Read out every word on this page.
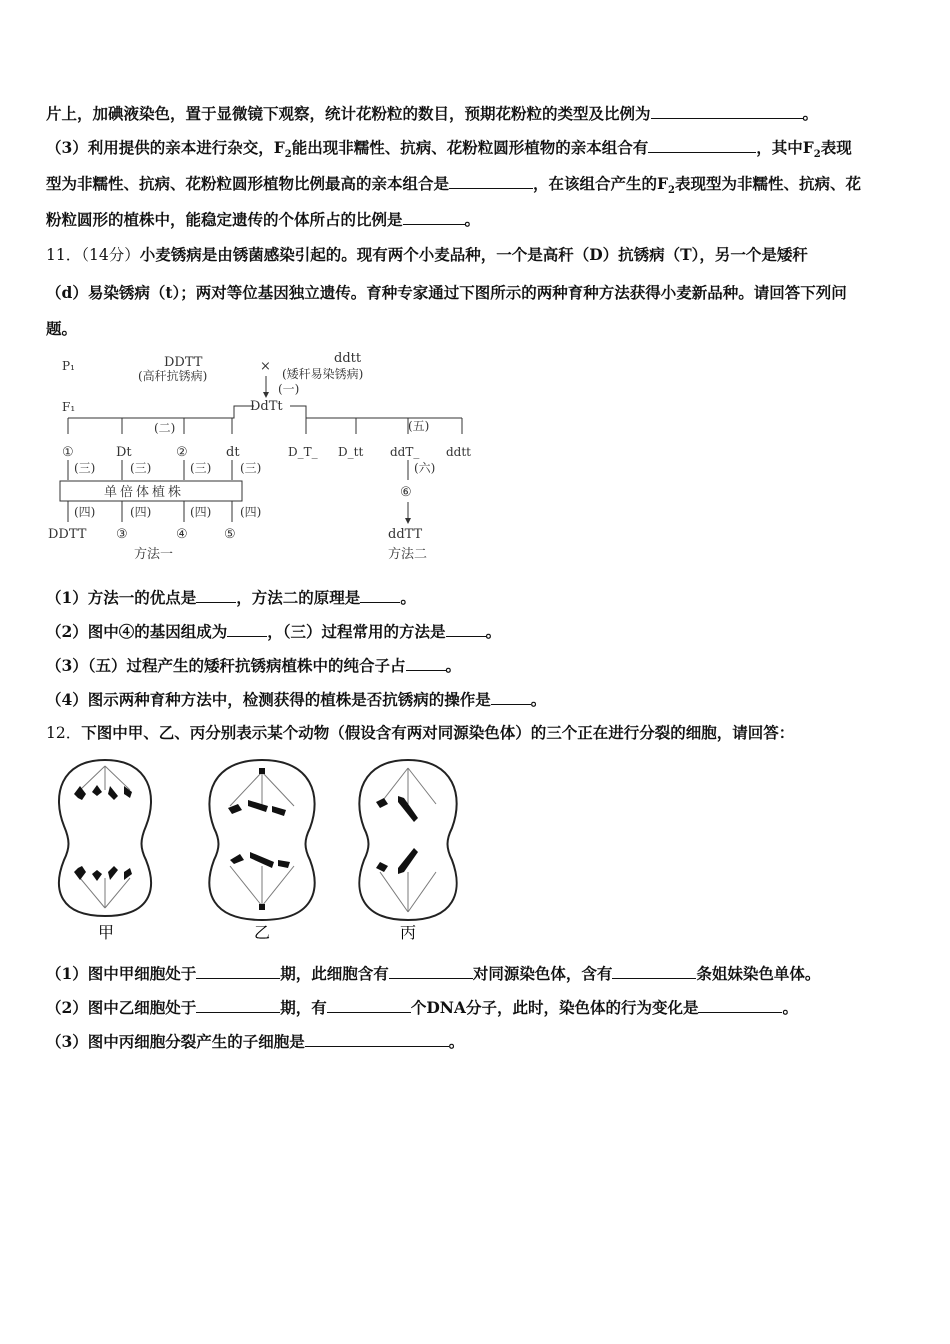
片上，加碘液染色，置于显微镜下观察，统计花粉粒的数目，预期花粉粒的类型及比例为	。
（3）利用提供的亲本进行杂交，$F_2$能出现非糯性、抗病、花粉粒圆形植物的亲本组合有	，其中$F_2$表现
型为非糯性、抗病、花粉粒圆形植物比例最高的亲本组合是	，在该组合产生的$F_2$表现型为非糯性、抗病、花
粉粒圆形的植株中，能稳定遗传的个体所占的比例是	。
11．（14分）小麦锈病是由锈菌感染引起的。现有两个小麦品种，一个是高秆（D）抗锈病（T），另一个是矮秆
（d）易染锈病（t）；两对等位基因独立遗传。育种专家通过下图所示的两种育种方法获得小麦新品种。请回答下列问
题。
P₁
F₁
DDTT
(高秆抗锈病)
×
ddtt
(矮秆易染锈病)
(一)
DdTt
(二)
①	Dt	②	dt
(三)	(三)	(三) (三)
单倍体植株
(四)	(四)	(四) (四)
DDTT ③	④	⑤
方法一
(五)
D_T_ D_tt ddT_ ddtt
(六)
⑥
ddTT
方法二
（1）方法一的优点是	，方法二的原理是	。
（2）图中④的基因组成为	，（三）过程常用的方法是	。
（3）（五）过程产生的矮秆抗锈病植株中的纯合子占	。
（4）图示两种育种方法中，检测获得的植株是否抗锈病的操作是	。
12．下图中甲、乙、丙分别表示某个动物（假设含有两对同源染色体）的三个正在进行分裂的细胞，请回答：
甲	乙	丙
（1）图中甲细胞处于	期，此细胞含有	对同源染色体，含有	条姐妹染色单体。
（2）图中乙细胞处于	期，有	个DNA分子，此时，染色体的行为变化是	。
（3）图中丙细胞分裂产生的子细胞是	。
